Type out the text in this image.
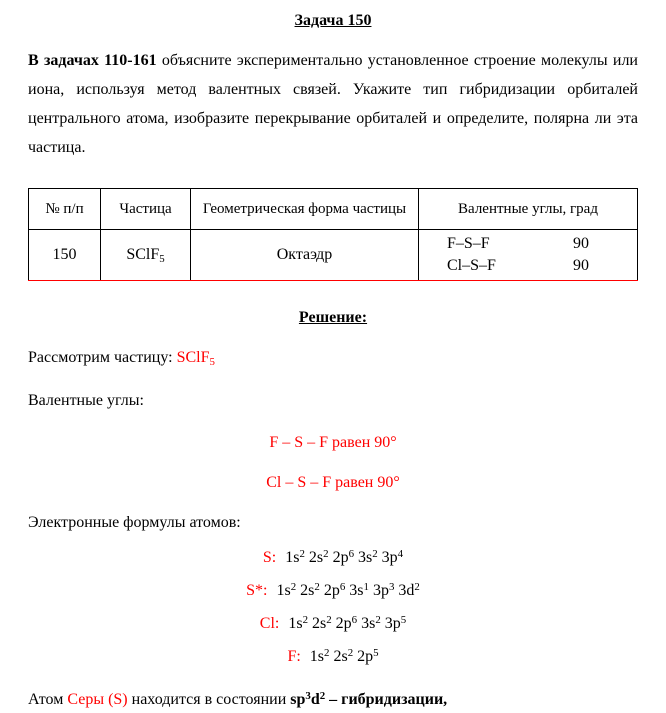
Задача 150

В задачах 110-161 объясните экспериментально установленное строение молекулы или иона, используя метод валентных связей. Укажите тип гибридизации орбиталей центрального атома, изобразите перекрывание орбиталей и определите, полярна ли эта частица.

№ п/п	Частица	Геометрическая форма частицы	Валентные углы, град
150	SClF$_5$	Октаэдр	F–S–F 90
Cl–S–F 90
Решение:
Рассмотрим частицу: SClF$_5$
Валентные углы:
F – S – F равен 90°
Cl – S – F равен 90°
Электронные формулы атомов:
S: $1s^2$ $2s^2$ $2p^6$ $3s^2$ $3p^4$
S*: $1s^2$ $2s^2$ $2p^6$ $3s^1$ $3p^3$ $3d^2$
Cl: $1s^2$ $2s^2$ $2p^6$ $3s^2$ $3p^5$
F: $1s^2$ $2s^2$ $2p^5$
Атом Серы (S) находится в состоянии $sp^3d^2$ – гибридизации,
